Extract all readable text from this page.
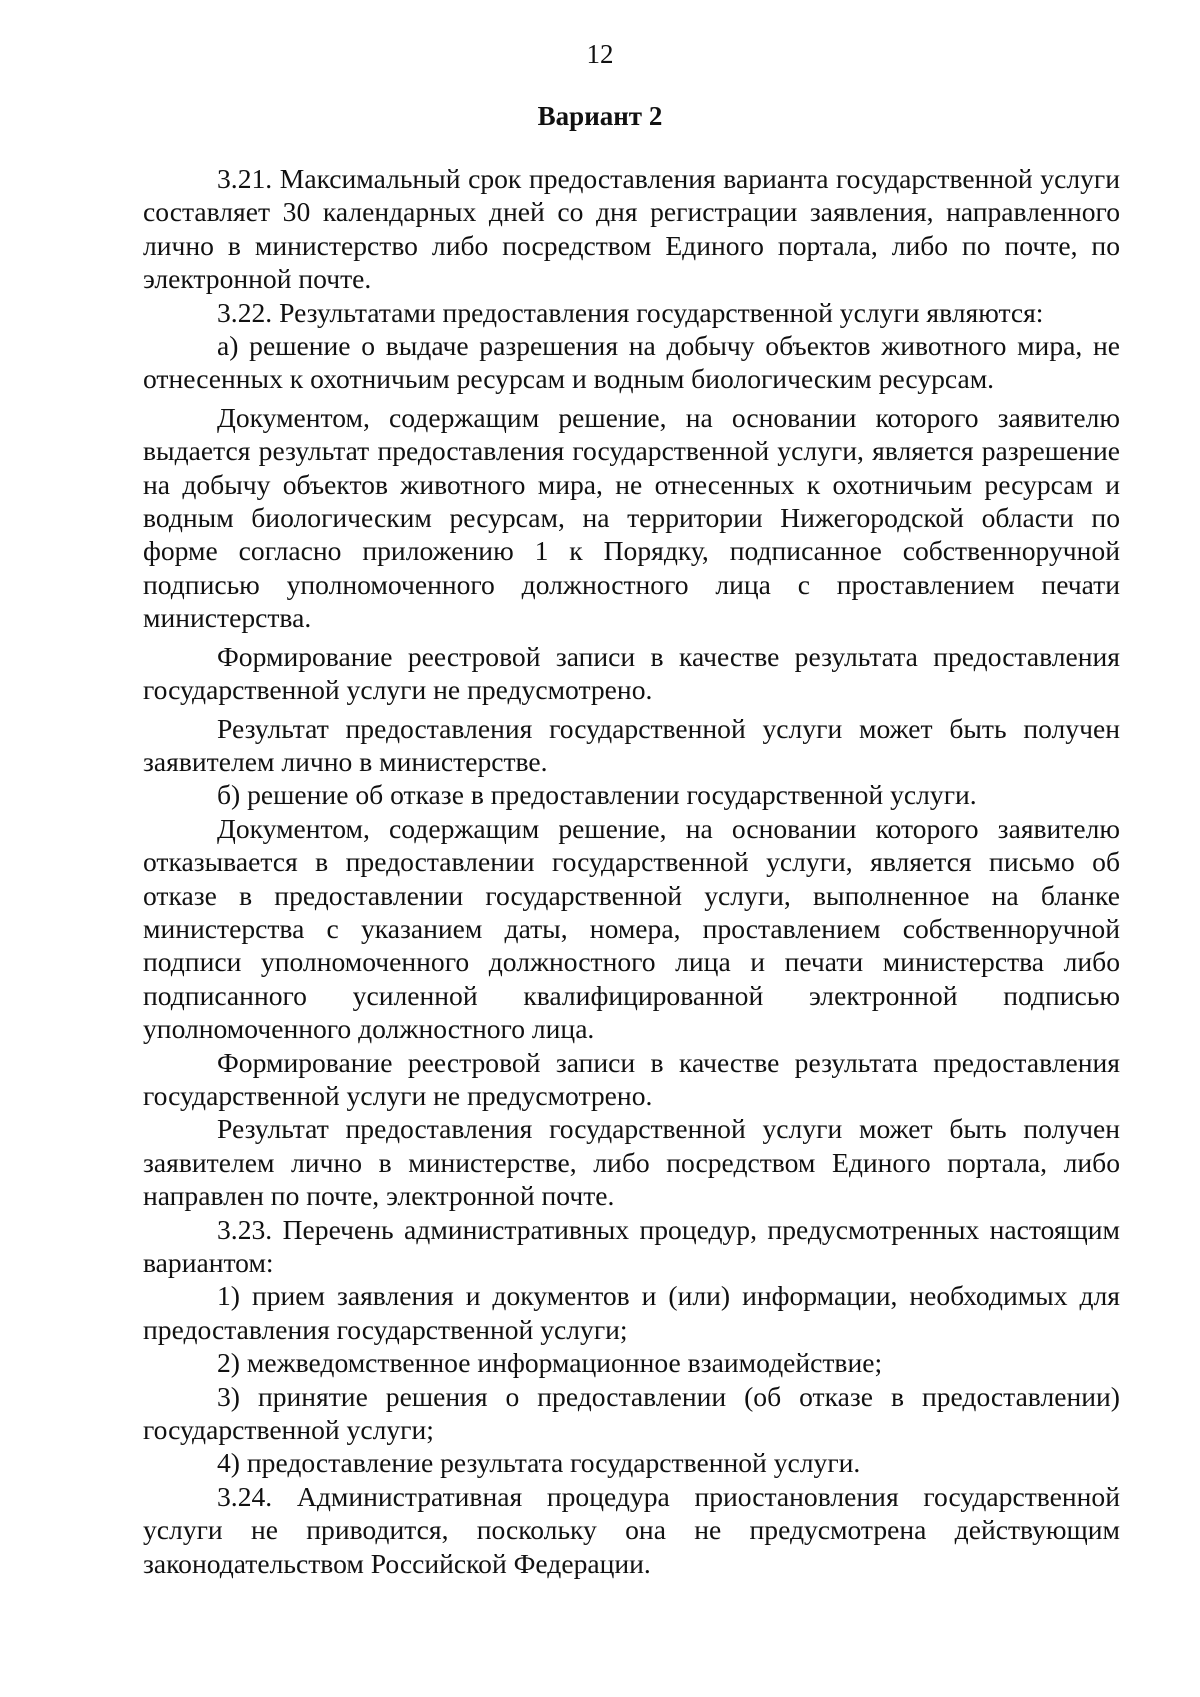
12
Вариант 2

3.21. Максимальный срок предоставления варианта государственной услуги составляет 30 календарных дней со дня регистрации заявления, направленного лично в министерство либо посредством Единого портала, либо по почте, по электронной почте.

3.22. Результатами предоставления государственной услуги являются:

а) решение о выдаче разрешения на добычу объектов животного мира, не отнесенных к охотничьим ресурсам и водным биологическим ресурсам.

Документом, содержащим решение, на основании которого заявителю выдается результат предоставления государственной услуги, является разрешение на добычу объектов животного мира, не отнесенных к охотничьим ресурсам и водным биологическим ресурсам, на территории Нижегородской области по форме согласно приложению 1 к Порядку, подписанное собственноручной подписью уполномоченного должностного лица с проставлением печати министерства.

Формирование реестровой записи в качестве результата предоставления государственной услуги не предусмотрено.

Результат предоставления государственной услуги может быть получен заявителем лично в министерстве.

б) решение об отказе в предоставлении государственной услуги.

Документом, содержащим решение, на основании которого заявителю отказывается в предоставлении государственной услуги, является письмо об отказе в предоставлении государственной услуги, выполненное на бланке министерства с указанием даты, номера, проставлением собственноручной подписи уполномоченного должностного лица и печати министерства либо подписанного усиленной квалифицированной электронной подписью уполномоченного должностного лица.

Формирование реестровой записи в качестве результата предоставления государственной услуги не предусмотрено.

Результат предоставления государственной услуги может быть получен заявителем лично в министерстве, либо посредством Единого портала, либо направлен по почте, электронной почте.

3.23. Перечень административных процедур, предусмотренных настоящим вариантом:

1) прием заявления и документов и (или) информации, необходимых для предоставления государственной услуги;

2) межведомственное информационное взаимодействие;

3) принятие решения о предоставлении (об отказе в предоставлении) государственной услуги;

4) предоставление результата государственной услуги.

3.24. Административная процедура приостановления государственной услуги не приводится, поскольку она не предусмотрена действующим законодательством Российской Федерации.
